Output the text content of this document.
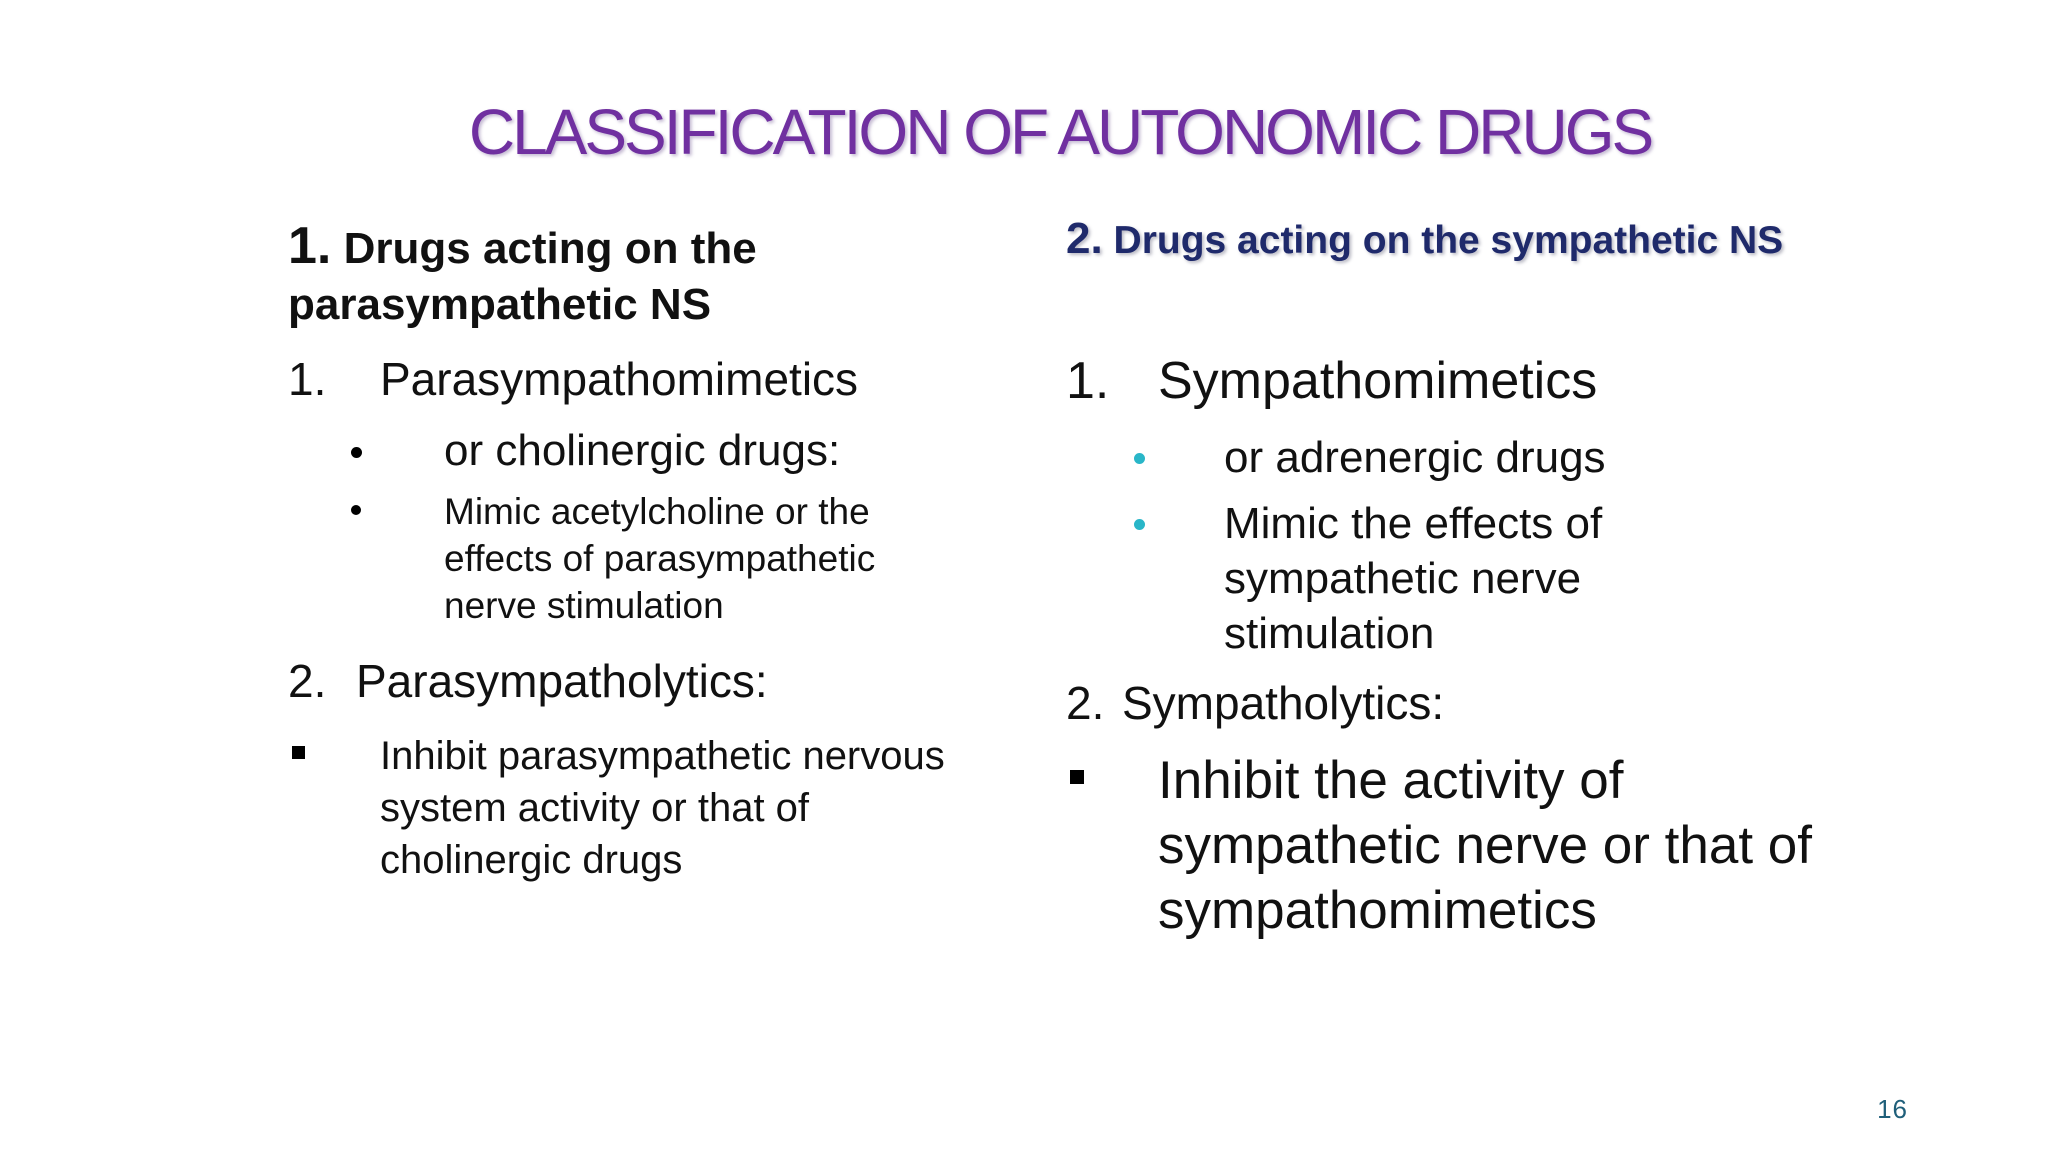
CLASSIFICATION OF AUTONOMIC DRUGS

1. Drugs acting on the parasympathetic NS

1. Parasympathomimetics
or cholinergic drugs:
Mimic acetylcholine or the effects of parasympathetic nerve stimulation
2. Parasympatholytics:
Inhibit parasympathetic nervous system activity or that of cholinergic drugs

2. Drugs acting on the sympathetic NS

1. Sympathomimetics
or adrenergic drugs
Mimic the effects of sympathetic nerve stimulation
2. Sympatholytics:
Inhibit the activity of sympathetic nerve or that of sympathomimetics
16
